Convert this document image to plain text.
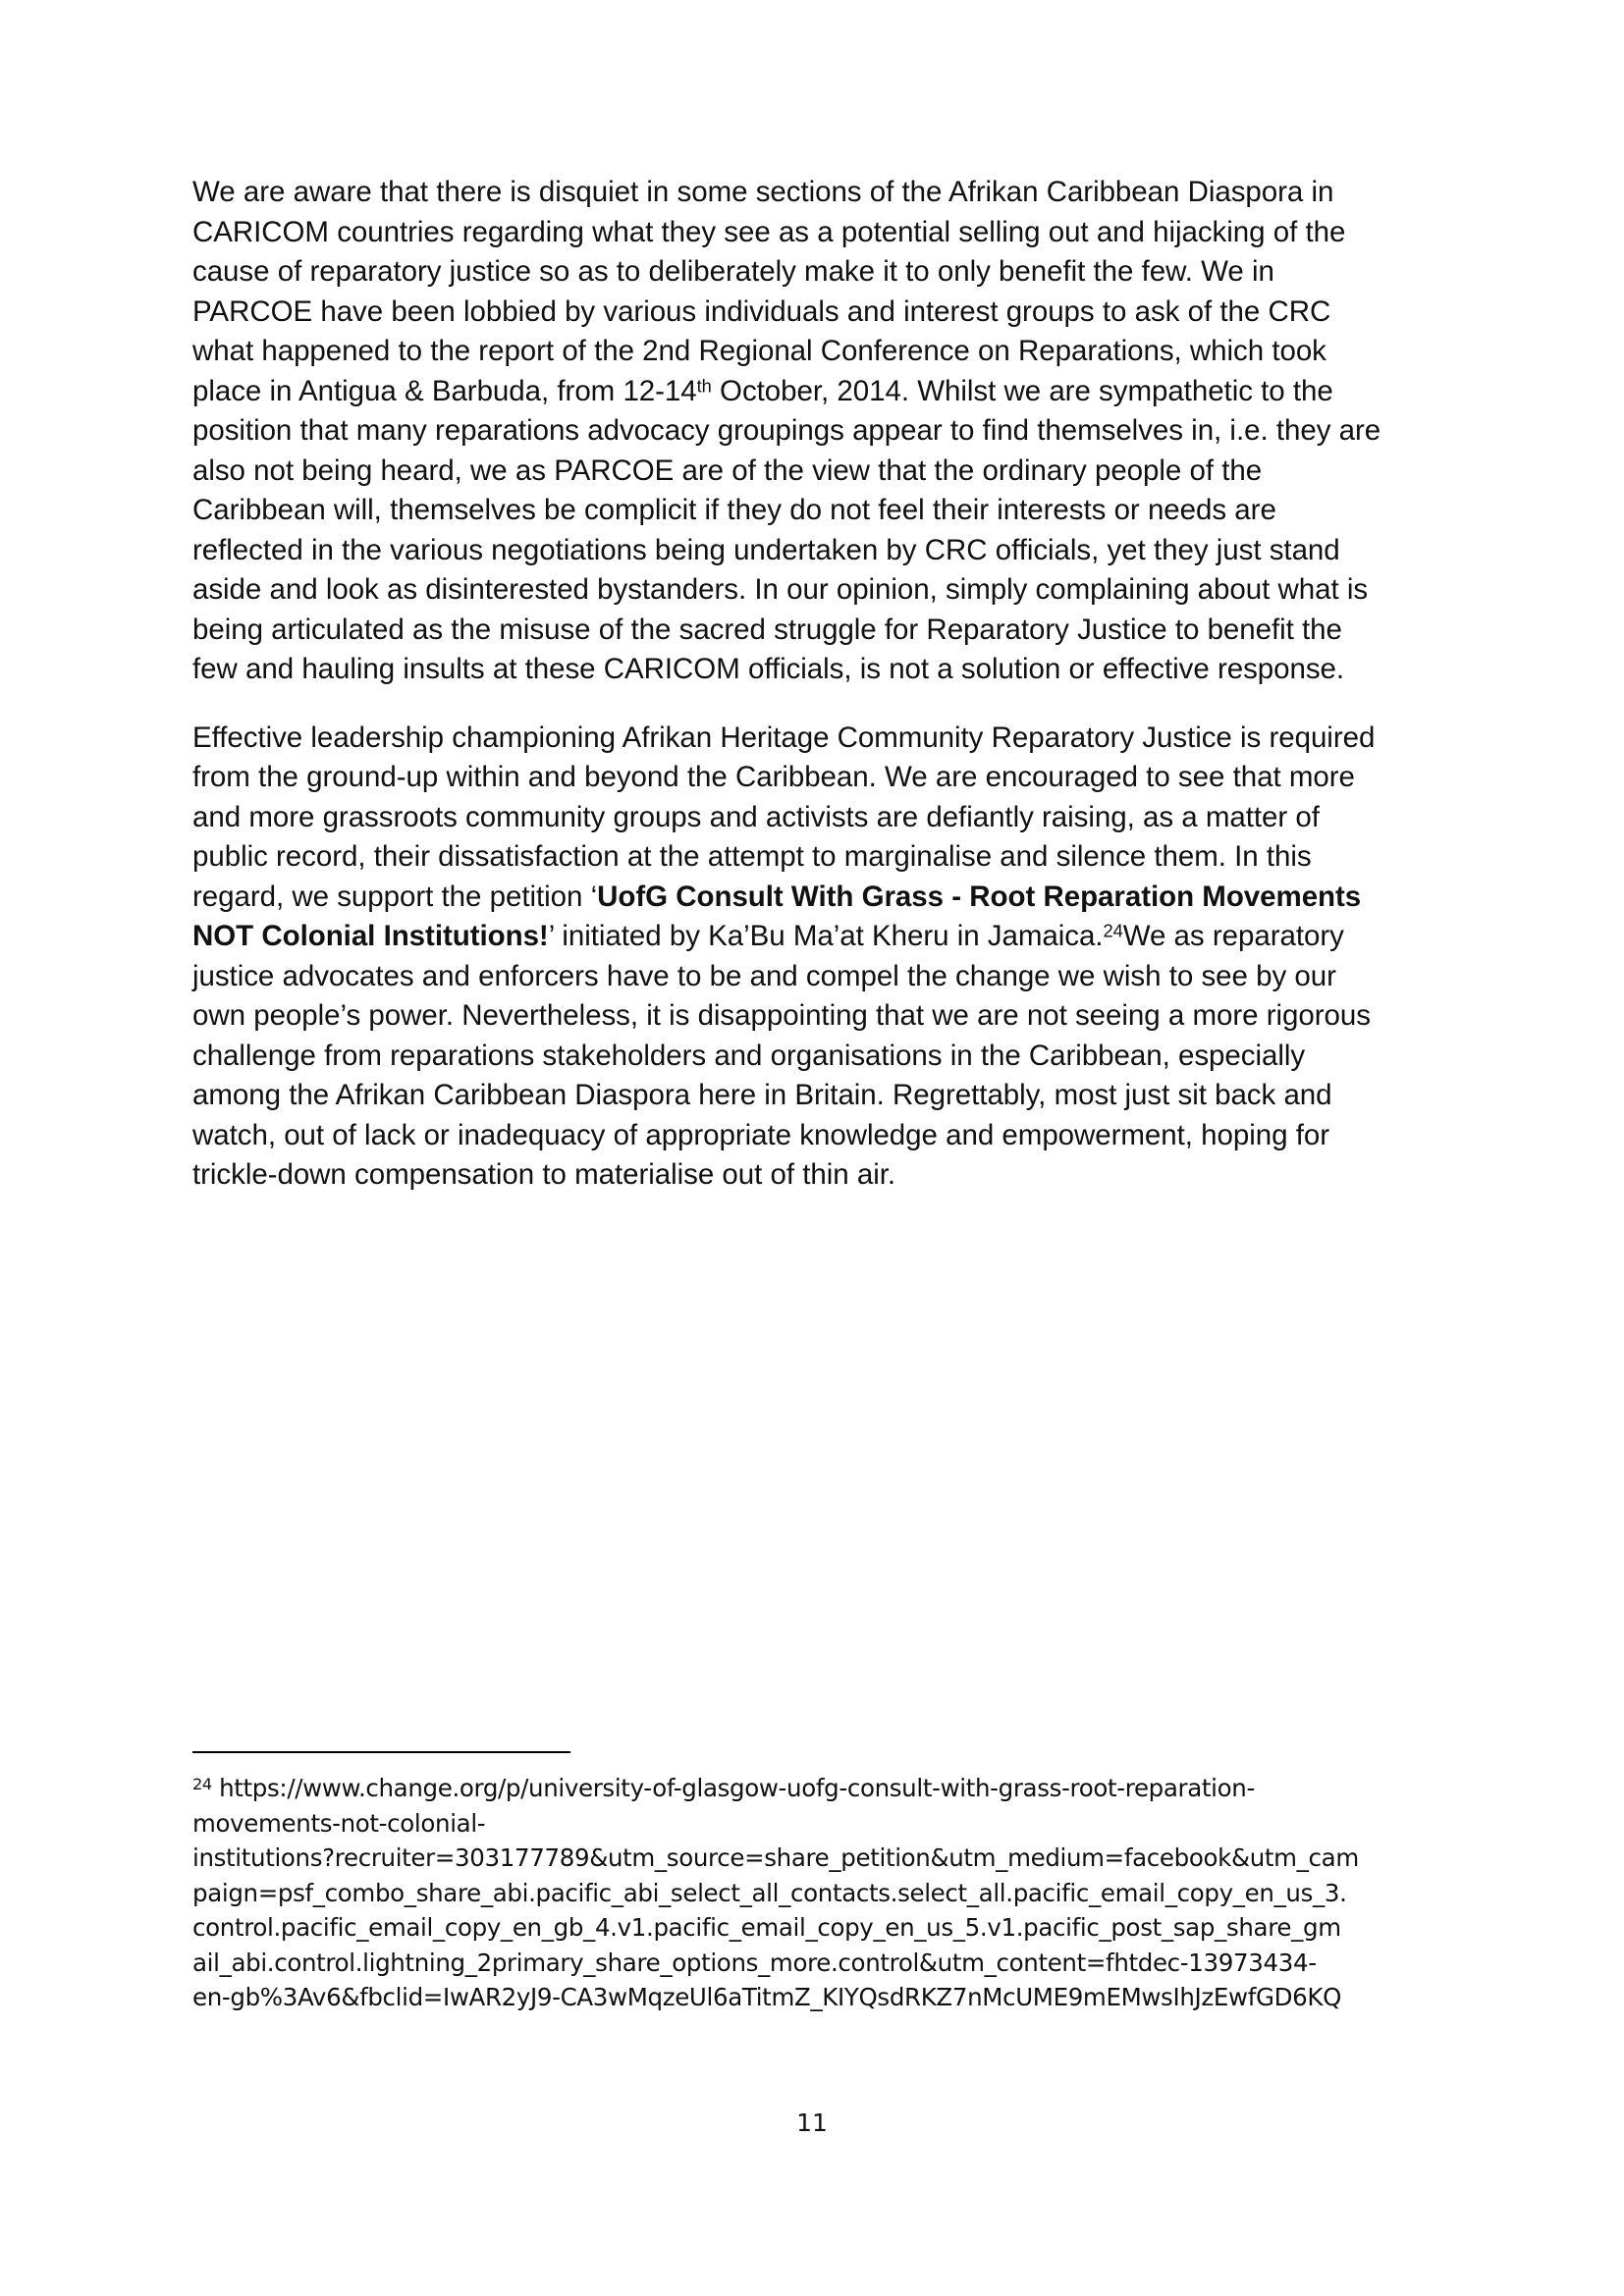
We are aware that there is disquiet in some sections of the Afrikan Caribbean Diaspora in CARICOM countries regarding what they see as a potential selling out and hijacking of the cause of reparatory justice so as to deliberately make it to only benefit the few. We in PARCOE have been lobbied by various individuals and interest groups to ask of the CRC what happened to the report of the 2nd Regional Conference on Reparations, which took place in Antigua & Barbuda, from 12-14th October, 2014. Whilst we are sympathetic to the position that many reparations advocacy groupings appear to find themselves in, i.e. they are also not being heard, we as PARCOE are of the view that the ordinary people of the Caribbean will, themselves be complicit if they do not feel their interests or needs are reflected in the various negotiations being undertaken by CRC officials, yet they just stand aside and look as disinterested bystanders. In our opinion, simply complaining about what is being articulated as the misuse of the sacred struggle for Reparatory Justice to benefit the few and hauling insults at these CARICOM officials, is not a solution or effective response.

Effective leadership championing Afrikan Heritage Community Reparatory Justice is required from the ground-up within and beyond the Caribbean. We are encouraged to see that more and more grassroots community groups and activists are defiantly raising, as a matter of public record, their dissatisfaction at the attempt to marginalise and silence them. In this regard, we support the petition ‘UofG Consult With Grass - Root Reparation Movements NOT Colonial Institutions!’ initiated by Ka’Bu Ma’at Kheru in Jamaica.$^{24}$We as reparatory justice advocates and enforcers have to be and compel the change we wish to see by our own people’s power. Nevertheless, it is disappointing that we are not seeing a more rigorous challenge from reparations stakeholders and organisations in the Caribbean, especially among the Afrikan Caribbean Diaspora here in Britain. Regrettably, most just sit back and watch, out of lack or inadequacy of appropriate knowledge and empowerment, hoping for trickle-down compensation to materialise out of thin air.

$^{24}$ https://www.change.org/p/university-of-glasgow-uofg-consult-with-grass-root-reparation-
movements-not-colonial-
institutions?recruiter=303177789&utm_source=share_petition&utm_medium=facebook&utm_cam
paign=psf_combo_share_abi.pacific_abi_select_all_contacts.select_all.pacific_email_copy_en_us_3.
control.pacific_email_copy_en_gb_4.v1.pacific_email_copy_en_us_5.v1.pacific_post_sap_share_gm
ail_abi.control.lightning_2primary_share_options_more.control&utm_content=fhtdec-13973434-
en-gb%3Av6&fbclid=IwAR2yJ9-CA3wMqzeUl6aTitmZ_KIYQsdRKZ7nMcUME9mEMwsIhJzEwfGD6KQ

11
